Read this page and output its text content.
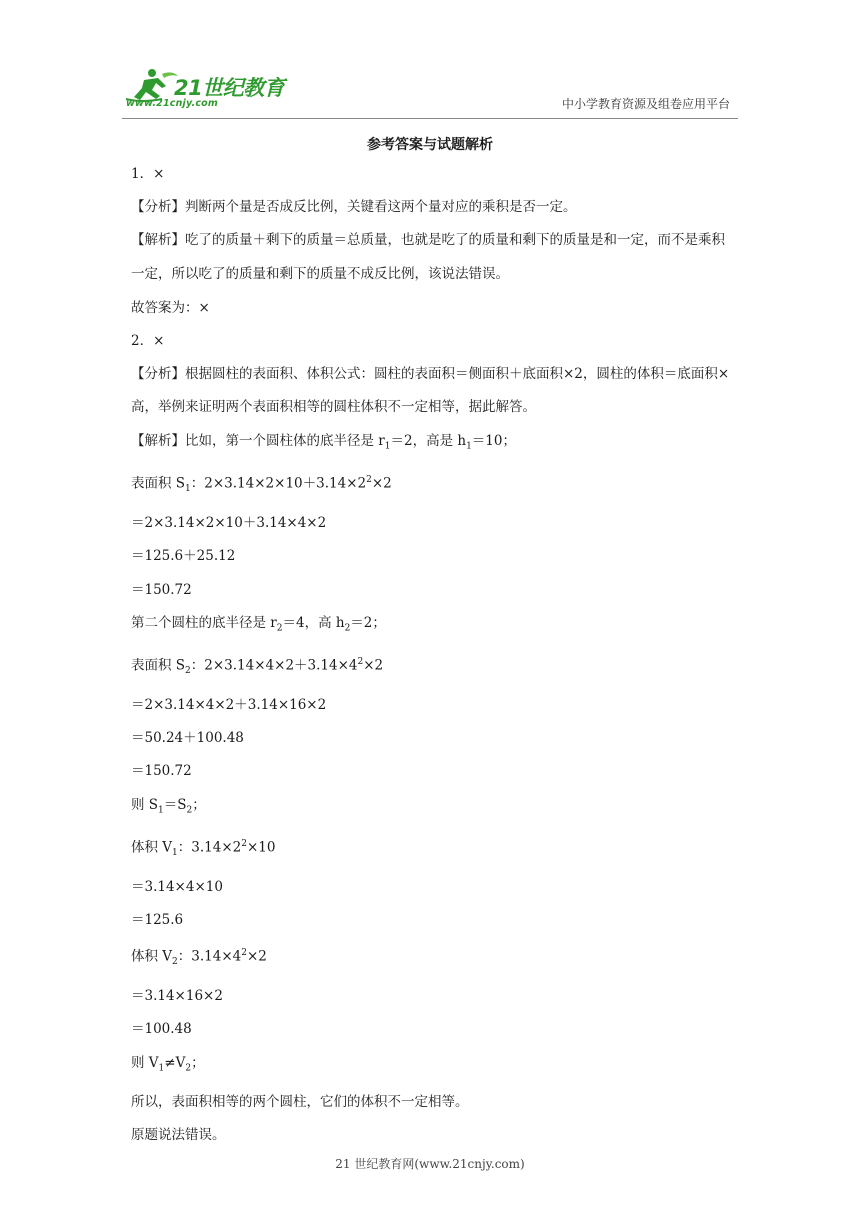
21世纪教育
www.21cnjy.com	中小学教育资源及组卷应用平台
参考答案与试题解析
1．×
【分析】判断两个量是否成反比例，关键看这两个量对应的乘积是否一定。
【解析】吃了的质量＋剩下的质量＝总质量，也就是吃了的质量和剩下的质量是和一定，而不是乘积一定，所以吃了的质量和剩下的质量不成反比例，该说法错误。
故答案为：×
2．×
【分析】根据圆柱的表面积、体积公式：圆柱的表面积＝侧面积＋底面积×2，圆柱的体积＝底面积×高，举例来证明两个表面积相等的圆柱体积不一定相等，据此解答。
【解析】比如，第一个圆柱体的底半径是 $r_1=2$，高是 $h_1=10$；
表面积 $S_1$：$2\times 3.14\times 2\times 10+3.14\times 2^2\times 2$
＝2×3.14×2×10＋3.14×4×2
＝125.6＋25.12
＝150.72
第二个圆柱的底半径是 $r_2=4$，高 $h_2=2$；
表面积 $S_2$：$2\times 3.14\times 4\times 2+3.14\times 4^2\times 2$
＝2×3.14×4×2＋3.14×16×2
＝50.24＋100.48
＝150.72
则 $S_1=S_2$；
体积 $V_1$：$3.14\times 2^2\times 10$
＝3.14×4×10
＝125.6
体积 $V_2$：$3.14\times 4^2\times 2$
＝3.14×16×2
＝100.48
则 $V_1\ne V_2$；
所以，表面积相等的两个圆柱，它们的体积不一定相等。
原题说法错误。
21 世纪教育网(www.21cnjy.com)
